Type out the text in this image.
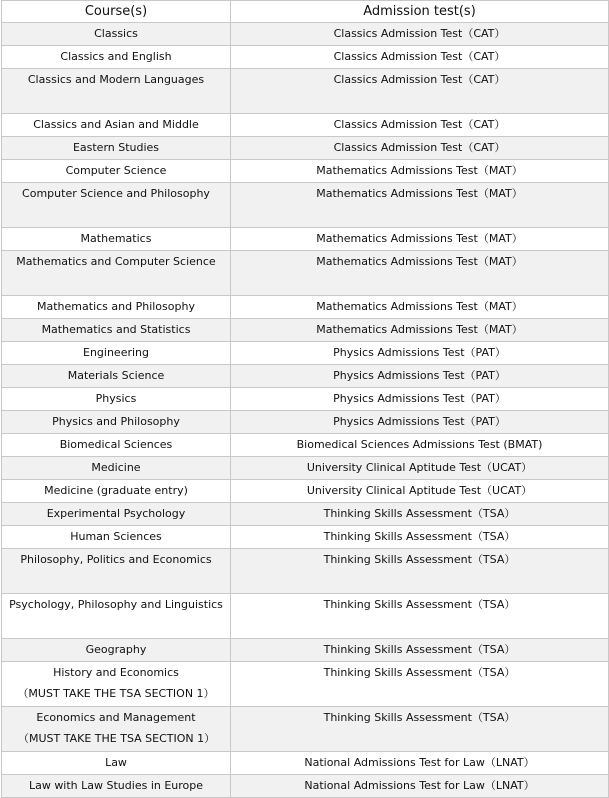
Course(s)	Admission test(s)
Classics	Classics Admission Test（CAT）
Classics and English	Classics Admission Test（CAT）
Classics and Modern Languages	Classics Admission Test（CAT）
Classics and Asian and Middle	Classics Admission Test（CAT）
Eastern Studies	Classics Admission Test（CAT）
Computer Science	Mathematics Admissions Test（MAT）
Computer Science and Philosophy	Mathematics Admissions Test（MAT）
Mathematics	Mathematics Admissions Test（MAT）
Mathematics and Computer Science	Mathematics Admissions Test（MAT）
Mathematics and Philosophy	Mathematics Admissions Test（MAT）
Mathematics and Statistics	Mathematics Admissions Test（MAT）
Engineering	Physics Admissions Test（PAT）
Materials Science	Physics Admissions Test（PAT）
Physics	Physics Admissions Test（PAT）
Physics and Philosophy	Physics Admissions Test（PAT）
Biomedical Sciences	Biomedical Sciences Admissions Test (BMAT)
Medicine	University Clinical Aptitude Test（UCAT）
Medicine (graduate entry)	University Clinical Aptitude Test（UCAT）
Experimental Psychology	Thinking Skills Assessment（TSA）
Human Sciences	Thinking Skills Assessment（TSA）
Philosophy, Politics and Economics	Thinking Skills Assessment（TSA）
Psychology, Philosophy and Linguistics	Thinking Skills Assessment（TSA）
Geography	Thinking Skills Assessment（TSA）
History and Economics
（MUST TAKE THE TSA SECTION 1）	Thinking Skills Assessment（TSA）
Economics and Management
（MUST TAKE THE TSA SECTION 1）	Thinking Skills Assessment（TSA）
Law	National Admissions Test for Law（LNAT）
Law with Law Studies in Europe	National Admissions Test for Law（LNAT）
